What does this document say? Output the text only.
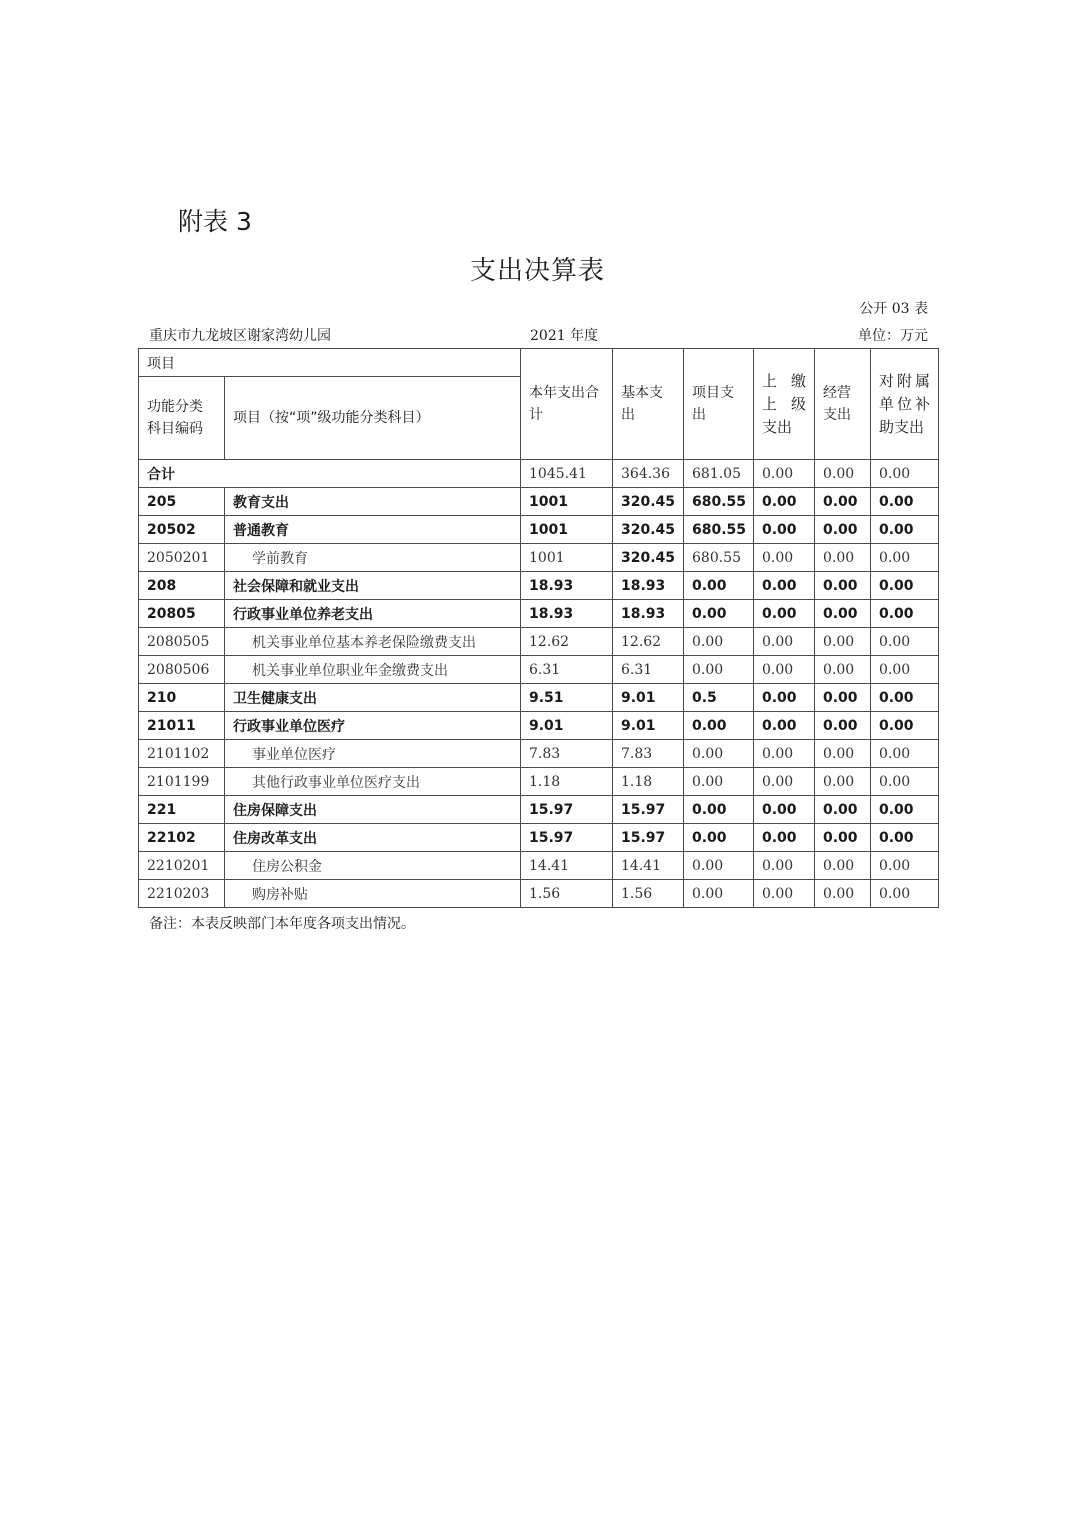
附表 3
支出决算表
公开 03 表
重庆市九龙坡区谢家湾幼儿园	2021 年度	单位：万元
项目		本年支出合计	基本支出	项目支出	上缴上级支出	经营支出	对附属单位补助支出

功能分类科目编码	项目（按“项”级功能分类科目）						
合计		1045.41	364.36	681.05	0.00	0.00	0.00
205	教育支出	1001	320.45	680.55	0.00	0.00	0.00
20502	普通教育	1001	320.45	680.55	0.00	0.00	0.00
2050201	学前教育	1001	320.45	680.55	0.00	0.00	0.00
208	社会保障和就业支出	18.93	18.93	0.00	0.00	0.00	0.00
20805	行政事业单位养老支出	18.93	18.93	0.00	0.00	0.00	0.00
2080505	机关事业单位基本养老保险缴费支出	12.62	12.62	0.00	0.00	0.00	0.00
2080506	机关事业单位职业年金缴费支出	6.31	6.31	0.00	0.00	0.00	0.00
210	卫生健康支出	9.51	9.01	0.5	0.00	0.00	0.00
21011	行政事业单位医疗	9.01	9.01	0.00	0.00	0.00	0.00
2101102	事业单位医疗	7.83	7.83	0.00	0.00	0.00	0.00
2101199	其他行政事业单位医疗支出	1.18	1.18	0.00	0.00	0.00	0.00
221	住房保障支出	15.97	15.97	0.00	0.00	0.00	0.00
22102	住房改革支出	15.97	15.97	0.00	0.00	0.00	0.00
2210201	住房公积金	14.41	14.41	0.00	0.00	0.00	0.00
2210203	购房补贴	1.56	1.56	0.00	0.00	0.00	0.00
备注：本表反映部门本年度各项支出情况。
